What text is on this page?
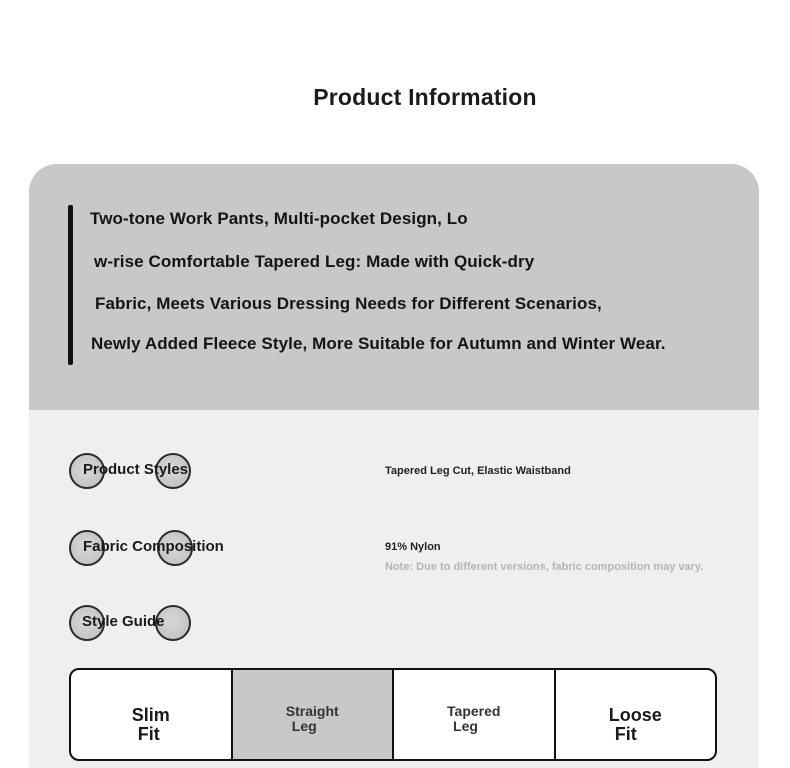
Product Information
Two-tone Work Pants, Multi-pocket Design, Lo
w-rise Comfortable Tapered Leg: Made with Quick-dry
Fabric, Meets Various Dressing Needs for Different Scenarios,
Newly Added Fleece Style, More Suitable for Autumn and Winter Wear.
Product Styles	Tapered Leg Cut, Elastic Waistband
Fabric Composition	91% Nylon
Note: Due to different versions, fabric composition may vary.
Style Guide
Slim
Fit
Straight
Leg
Tapered
Leg
Loose
Fit
